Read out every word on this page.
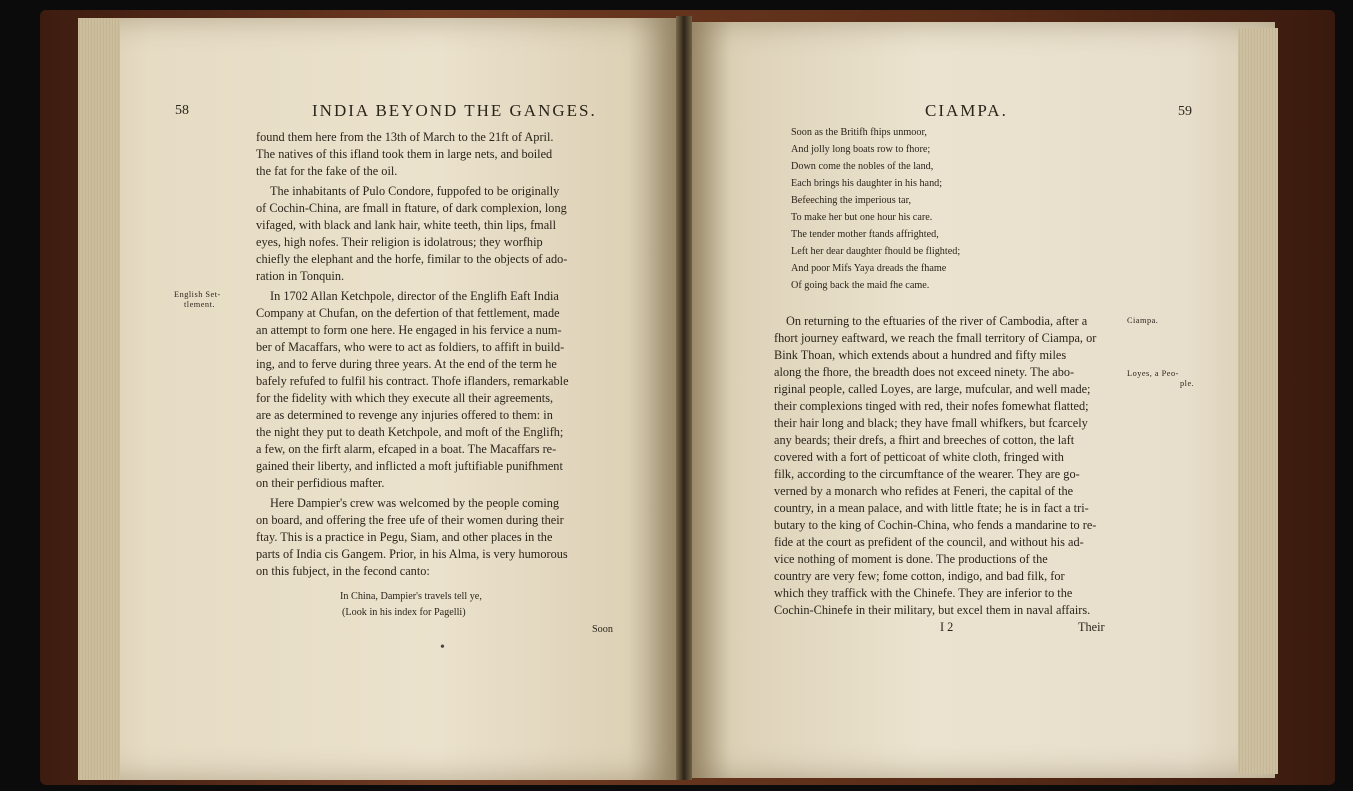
58	INDIA BEYOND THE GANGES.
English Set-
tlement.
found them here from the 13th of March to the 21ft of April.
The natives of this ifland took them in large nets, and boiled
the fat for the fake of the oil.
The inhabitants of Pulo Condore, fuppofed to be originally
of Cochin-China, are fmall in ftature, of dark complexion, long
vifaged, with black and lank hair, white teeth, thin lips, fmall
eyes, high nofes. Their religion is idolatrous; they worfhip
chiefly the elephant and the horfe, fimilar to the objects of ado-
ration in Tonquin.
In 1702 Allan Ketchpole, director of the Englifh Eaft India
Company at Chufan, on the defertion of that fettlement, made
an attempt to form one here. He engaged in his fervice a num-
ber of Macaffars, who were to act as foldiers, to affift in build-
ing, and to ferve during three years. At the end of the term he
bafely refufed to fulfil his contract. Thofe iflanders, remarkable
for the fidelity with which they execute all their agreements,
are as determined to revenge any injuries offered to them: in
the night they put to death Ketchpole, and moft of the Englifh;
a few, on the firft alarm, efcaped in a boat. The Macaffars re-
gained their liberty, and inflicted a moft juftifiable punifhment
on their perfidious mafter.
Here Dampier's crew was welcomed by the people coming
on board, and offering the free ufe of their women during their
ftay. This is a practice in Pegu, Siam, and other places in the
parts of India cis Gangem. Prior, in his Alma, is very humorous
on this fubject, in the fecond canto:
In China, Dampier's travels tell ye,
(Look in his index for Pagelli)
Soon
•
CIAMPA.	59
Soon as the Britifh fhips unmoor,
And jolly long boats row to fhore;
Down come the nobles of the land,
Each brings his daughter in his hand;
Befeeching the imperious tar,
To make her but one hour his care.
The tender mother ftands affrighted,
Left her dear daughter fhould be flighted;
And poor Mifs Yaya dreads the fhame
Of going back the maid fhe came.
Ciampa.
Loyes, a Peo-
ple.
On returning to the eftuaries of the river of Cambodia, after a
fhort journey eaftward, we reach the fmall territory of Ciampa, or
Bink Thoan, which extends about a hundred and fifty miles
along the fhore, the breadth does not exceed ninety. The abo-
riginal people, called Loyes, are large, mufcular, and well made;
their complexions tinged with red, their nofes fomewhat flatted;
their hair long and black; they have fmall whifkers, but fcarcely
any beards; their drefs, a fhirt and breeches of cotton, the laft
covered with a fort of petticoat of white cloth, fringed with
filk, according to the circumftance of the wearer. They are go-
verned by a monarch who refides at Feneri, the capital of the
country, in a mean palace, and with little ftate; he is in fact a tri-
butary to the king of Cochin-China, who fends a mandarine to re-
fide at the court as prefident of the council, and without his ad-
vice nothing of moment is done. The productions of the
country are very few; fome cotton, indigo, and bad filk, for
which they traffick with the Chinefe. They are inferior to the
Cochin-Chinefe in their military, but excel them in naval affairs.
I 2	Their
